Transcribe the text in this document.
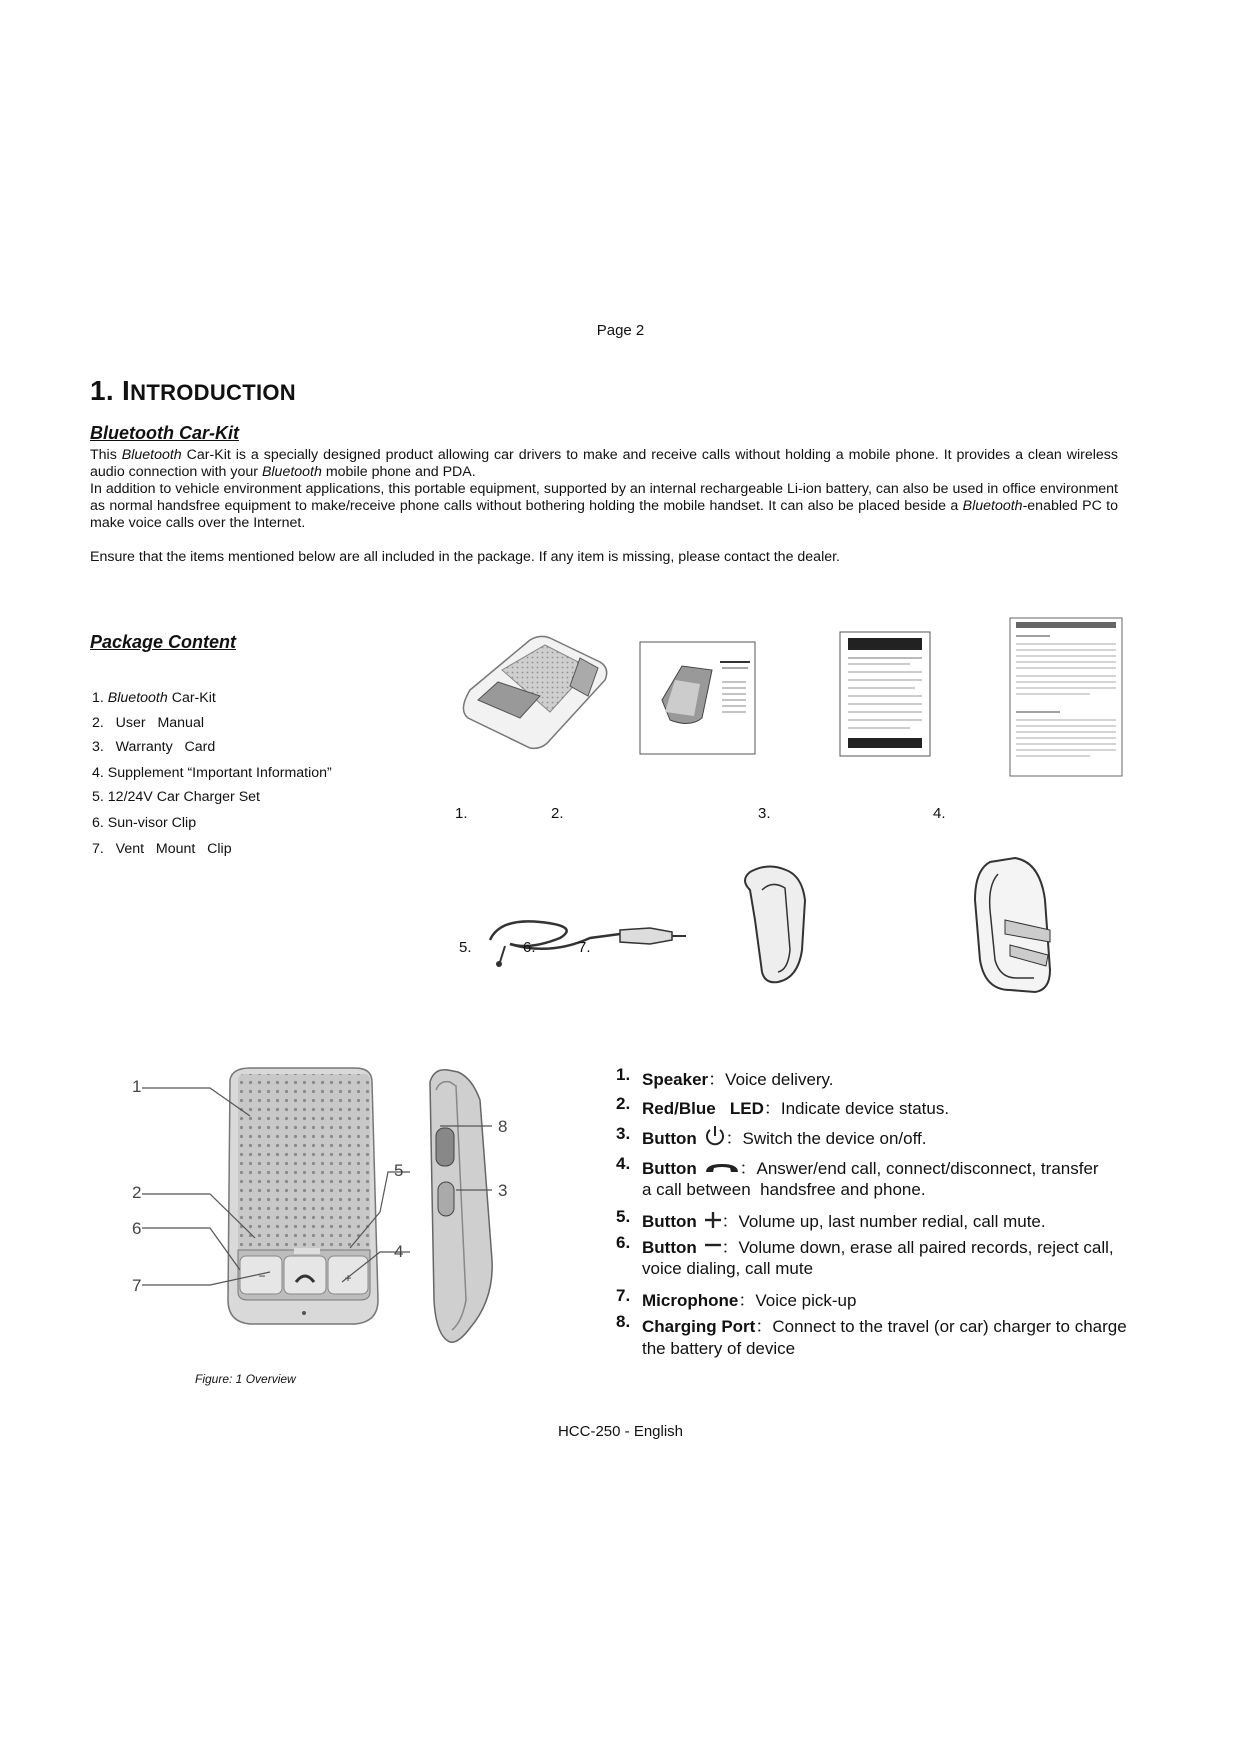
Page 2
1. INTRODUCTION
Bluetooth Car-Kit
This Bluetooth Car-Kit is a specially designed product allowing car drivers to make and receive calls without holding a mobile phone. It provides a clean wireless audio connection with your Bluetooth mobile phone and PDA.
In addition to vehicle environment applications, this portable equipment, supported by an internal rechargeable Li-ion battery, can also be used in office environment as normal handsfree equipment to make/receive phone calls without bothering holding the mobile handset. It can also be placed beside a Bluetooth-enabled PC to make voice calls over the Internet.
Ensure that the items mentioned below are all included in the package. If any item is missing, please contact the dealer.
Package Content
1. Bluetooth Car-Kit
2. User   Manual
3. Warranty   Card
4. Supplement “Important Information”
5. 12/24V Car Charger Set
6. Sun-visor Clip
7. Vent   Mount   Clip
1.	2.	3.	4.
5.	6.	7.
−	+
1
2
6
7
8
5
3
4
1. Speaker：Voice delivery.
2. Red/Blue   LED：Indicate device status.
3. Button ：Switch the device on/off.
4. Button	：Answer/end call, connect/disconnect, transfer
a call between  handsfree and phone.
5. Button ：Volume up, last number redial, call mute.
6. Button ：Volume down, erase all paired records, reject call,
voice dialing, call mute
7. Microphone：Voice pick-up
8. Charging Port：Connect to the travel (or car) charger to charge
the battery of device
Figure: 1 Overview
HCC-250 - English
